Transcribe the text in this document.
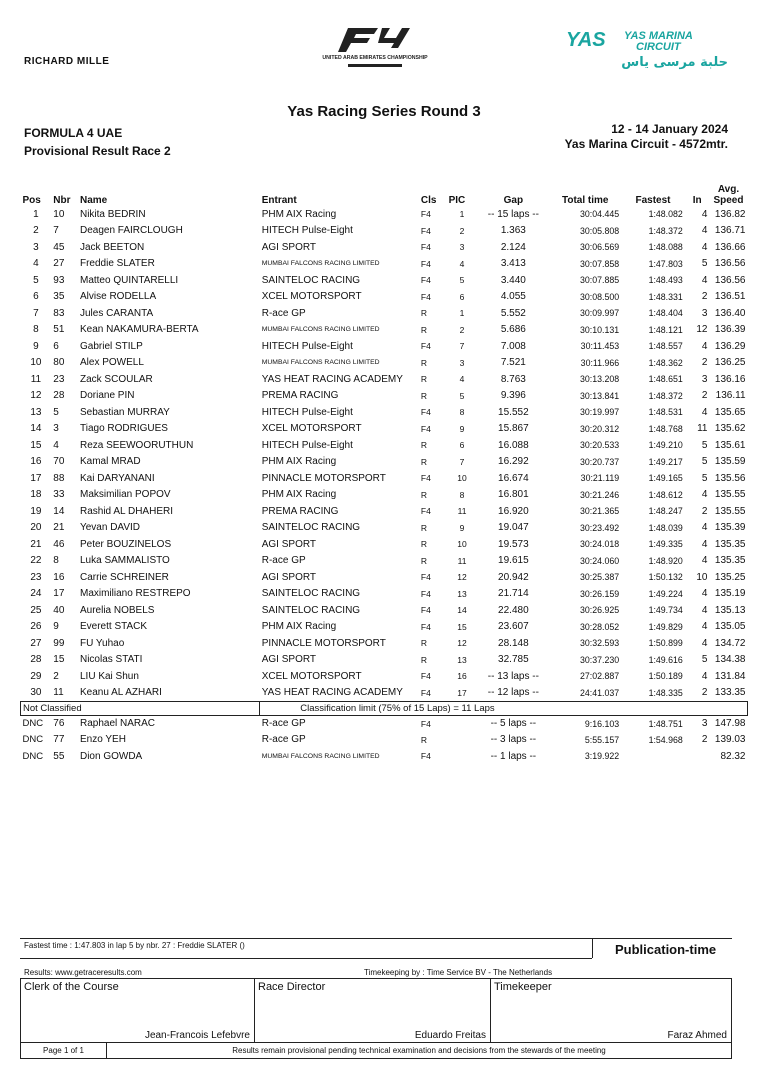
RICHARD MILLE	UNITED ARAB EMIRATES CHAMPIONSHIP
YAS YAS MARINA
CIRCUIT
حلبة مرسى ياس
Yas Racing Series Round 3
FORMULA 4 UAE
Provisional Result Race 2
12 - 14 January 2024
Yas Marina Circuit - 4572mtr.
Pos	Nbr	Name	Entrant	Cls	PIC	Gap	Total time	Fastest	In	Avg.
Speed
1	10	Nikita BEDRIN	PHM AIX Racing	F4	1	-- 15 laps --	30:04.445	1:48.082	4	136.82
2	7	Deagen FAIRCLOUGH	HITECH Pulse-Eight	F4	2	1.363	30:05.808	1:48.372	4	136.71
3	45	Jack BEETON	AGI SPORT	F4	3	2.124	30:06.569	1:48.088	4	136.66
4	27	Freddie SLATER	MUMBAI FALCONS RACING LIMITED	F4	4	3.413	30:07.858	1:47.803	5	136.56
5	93	Matteo QUINTARELLI	SAINTELOC RACING	F4	5	3.440	30:07.885	1:48.493	4	136.56
6	35	Alvise RODELLA	XCEL MOTORSPORT	F4	6	4.055	30:08.500	1:48.331	2	136.51
7	83	Jules CARANTA	R-ace GP	R	1	5.552	30:09.997	1:48.404	3	136.40
8	51	Kean NAKAMURA-BERTA	MUMBAI FALCONS RACING LIMITED	R	2	5.686	30:10.131	1:48.121	12	136.39
9	6	Gabriel STILP	HITECH Pulse-Eight	F4	7	7.008	30:11.453	1:48.557	4	136.29
10	80	Alex POWELL	MUMBAI FALCONS RACING LIMITED	R	3	7.521	30:11.966	1:48.362	2	136.25
11	23	Zack SCOULAR	YAS HEAT RACING ACADEMY	R	4	8.763	30:13.208	1:48.651	3	136.16
12	28	Doriane PIN	PREMA RACING	R	5	9.396	30:13.841	1:48.372	2	136.11
13	5	Sebastian MURRAY	HITECH Pulse-Eight	F4	8	15.552	30:19.997	1:48.531	4	135.65
14	3	Tiago RODRIGUES	XCEL MOTORSPORT	F4	9	15.867	30:20.312	1:48.768	11	135.62
15	4	Reza SEEWOORUTHUN	HITECH Pulse-Eight	R	6	16.088	30:20.533	1:49.210	5	135.61
16	70	Kamal MRAD	PHM AIX Racing	R	7	16.292	30:20.737	1:49.217	5	135.59
17	88	Kai DARYANANI	PINNACLE MOTORSPORT	F4	10	16.674	30:21.119	1:49.165	5	135.56
18	33	Maksimilian POPOV	PHM AIX Racing	R	8	16.801	30:21.246	1:48.612	4	135.55
19	14	Rashid AL DHAHERI	PREMA RACING	F4	11	16.920	30:21.365	1:48.247	2	135.55
20	21	Yevan DAVID	SAINTELOC RACING	R	9	19.047	30:23.492	1:48.039	4	135.39
21	46	Peter BOUZINELOS	AGI SPORT	R	10	19.573	30:24.018	1:49.335	4	135.35
22	8	Luka SAMMALISTO	R-ace GP	R	11	19.615	30:24.060	1:48.920	4	135.35
23	16	Carrie SCHREINER	AGI SPORT	F4	12	20.942	30:25.387	1:50.132	10	135.25
24	17	Maximiliano RESTREPO	SAINTELOC RACING	F4	13	21.714	30:26.159	1:49.224	4	135.19
25	40	Aurelia NOBELS	SAINTELOC RACING	F4	14	22.480	30:26.925	1:49.734	4	135.13
26	9	Everett STACK	PHM AIX Racing	F4	15	23.607	30:28.052	1:49.829	4	135.05
27	99	FU Yuhao	PINNACLE MOTORSPORT	R	12	28.148	30:32.593	1:50.899	4	134.72
28	15	Nicolas STATI	AGI SPORT	R	13	32.785	30:37.230	1:49.616	5	134.38
29	2	LIU Kai Shun	XCEL MOTORSPORT	F4	16	-- 13 laps --	27:02.887	1:50.189	4	131.84
30	11	Keanu AL AZHARI	YAS HEAT RACING ACADEMY	F4	17	-- 12 laps --	24:41.037	1:48.335	2	133.35
Not Classified			Classification limit (75% of 15 Laps) = 11 Laps							
DNC	76	Raphael NARAC	R-ace GP	F4		-- 5 laps --	9:16.103	1:48.751	3	147.98
DNC	77	Enzo YEH	R-ace GP	R		-- 3 laps --	5:55.157	1:54.968	2	139.03
DNC	55	Dion GOWDA	MUMBAI FALCONS RACING LIMITED	F4		-- 1 laps --	3:19.922			82.32
Fastest time : 1:47.803 in lap 5 by nbr. 27 : Freddie SLATER ()	Publication-time
Results: www.getraceresults.com	Timekeeping by : Time Service BV - The Netherlands
Clerk of the Course
Jean-Francois Lefebvre
	Race Director
Eduardo Freitas
	Timekeeper
Faraz Ahmed
Page 1 of 1	Results remain provisional pending technical examination and decisions from the stewards of the meeting
